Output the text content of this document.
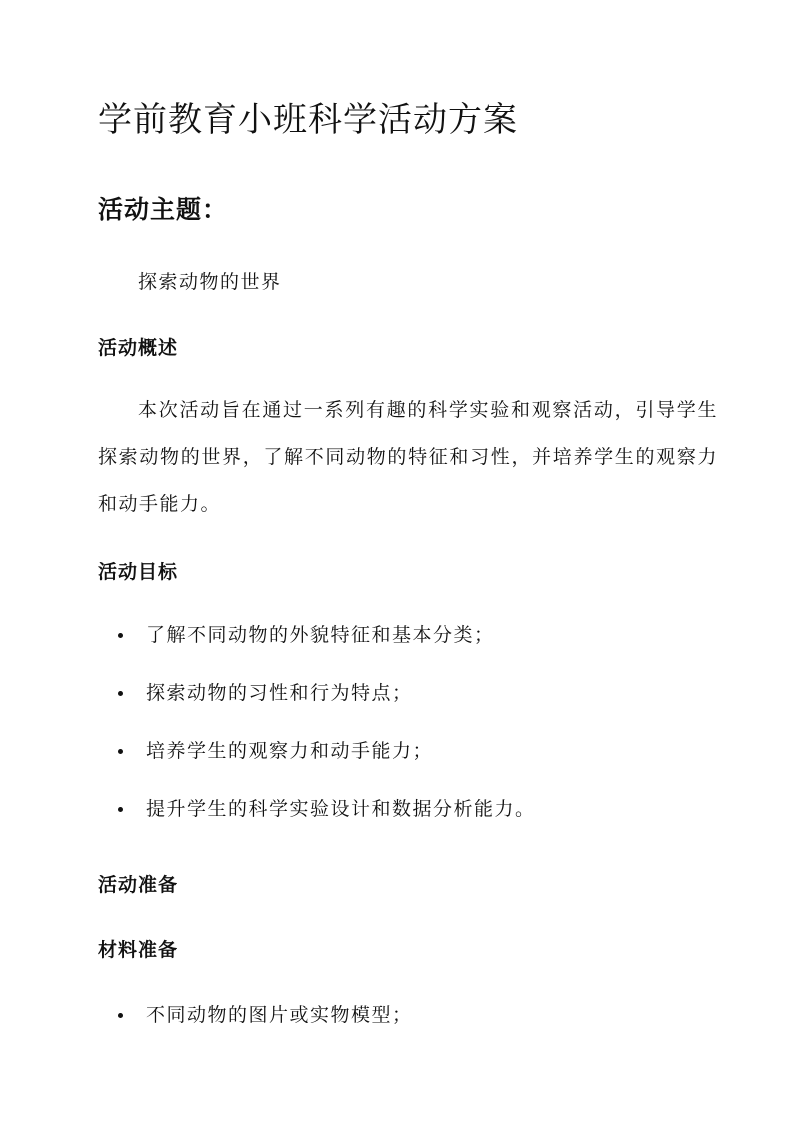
学前教育小班科学活动方案
活动主题：

探索动物的世界

活动概述

本次活动旨在通过一系列有趣的科学实验和观察活动，引导学生探索动物的世界，了解不同动物的特征和习性，并培养学生的观察力和动手能力。

活动目标
了解不同动物的外貌特征和基本分类；
探索动物的习性和行为特点；
培养学生的观察力和动手能力；
提升学生的科学实验设计和数据分析能力。
活动准备
材料准备
不同动物的图片或实物模型；
